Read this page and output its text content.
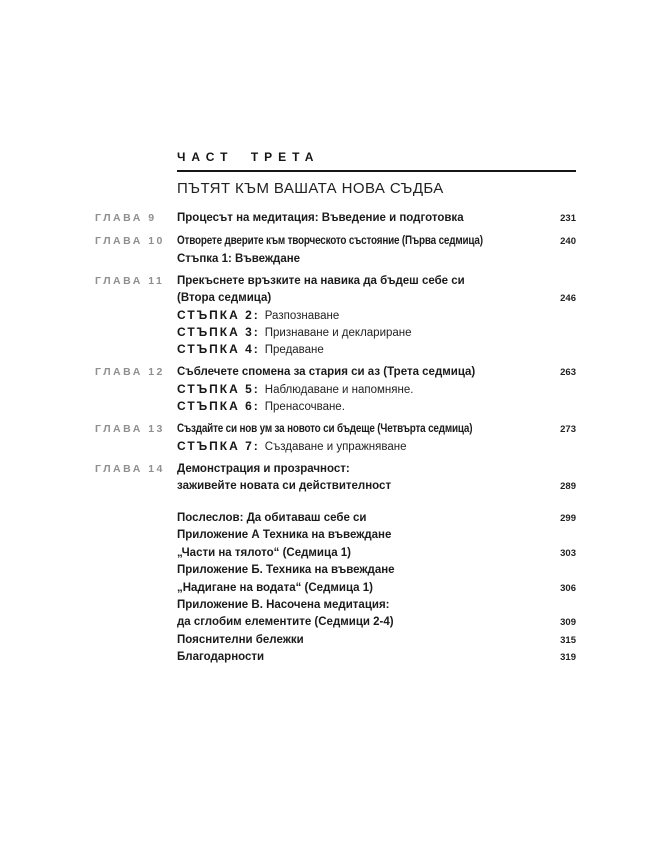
ЧАСТ ТРЕТА
ПЪТЯТ КЪМ ВАШАТА НОВА СЪДБА
ГЛАВА 9	Процесът на медитация: Въведение и подготовка	231
ГЛАВА 10	Отворете дверите към творческото състояние (Първа седмица)	240
Стъпка 1: Въвеждане
ГЛАВА 11	Прекъснете връзките на навика да бъдеш себе си
(Втора седмица)	246
СТЪПКА 2: Разпознаване
СТЪПКА 3: Признаване и деклариране
СТЪПКА 4: Предаване
ГЛАВА 12	Съблечете спомена за стария си аз (Трета седмица)	263
СТЪПКА 5: Наблюдаване и напомняне.
СТЪПКА 6: Пренасочване.
ГЛАВА 13	Създайте си нов ум за новото си бъдеще (Четвърта седмица)	273
СТЪПКА 7: Създаване и упражняване
ГЛАВА 14	Демонстрация и прозрачност:
заживейте новата си действителност	289
Послеслов: Да обитаваш себе си	299
Приложение А Техника на въвеждане
„Части на тялото“ (Седмица 1)	303
Приложение Б. Техника на въвеждане
„Надигане на водата“ (Седмица 1)	306
Приложение В. Насочена медитация:
да сглобим елементите (Седмици 2-4)	309
Пояснителни бележки	315
Благодарности	319
